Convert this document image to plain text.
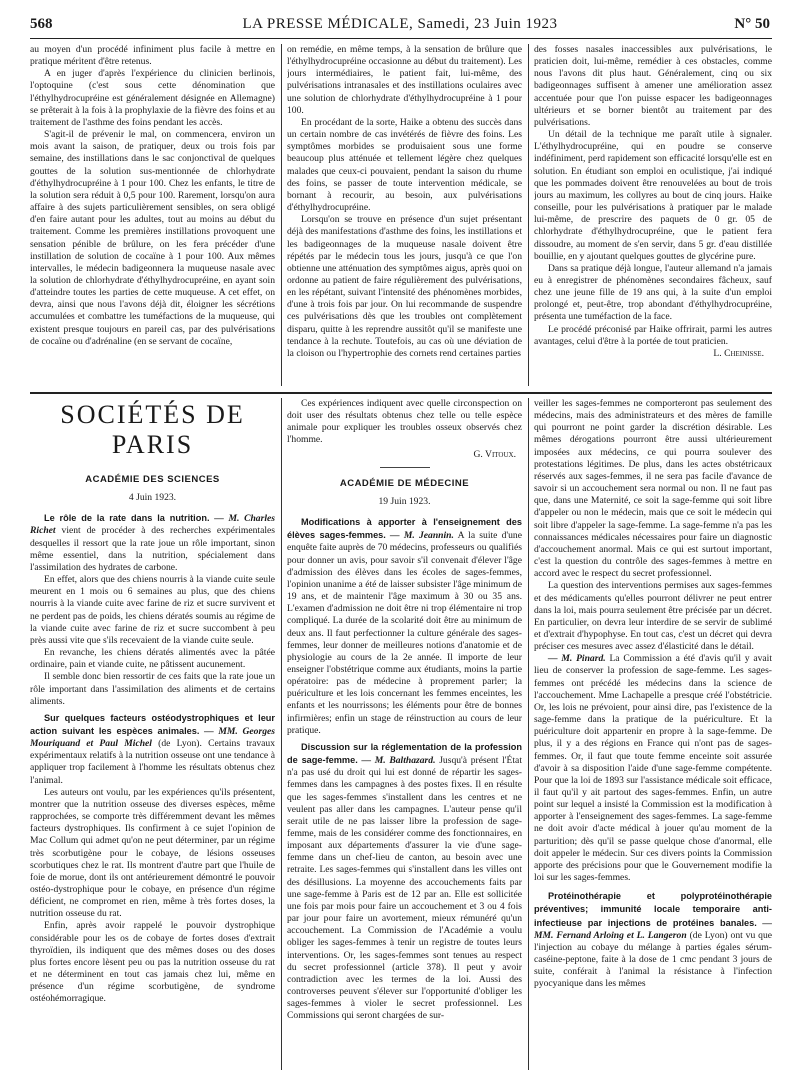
568	LA PRESSE MÉDICALE, Samedi, 23 Juin 1923	N° 50

au moyen d'un procédé infiniment plus facile à mettre en pratique méritent d'être retenus.

A en juger d'après l'expérience du clinicien berlinois, l'optoquine (c'est sous cette dénomination que l'éthylhydrocupréine est généralement désignée en Allemagne) se prêterait à la fois à la prophylaxie de la fièvre des foins et au traitement de l'asthme des foins pendant les accès.

S'agit-il de prévenir le mal, on commencera, environ un mois avant la saison, de pratiquer, deux ou trois fois par semaine, des instillations dans le sac conjonctival de quelques gouttes de la solution sus-mentionnée de chlorhydrate d'éthylhydrocupréine à 1 pour 100. Chez les enfants, le titre de la solution sera réduit à 0,5 pour 100. Rarement, lorsqu'on aura affaire à des sujets particulièrement sensibles, on sera obligé d'en faire autant pour les adultes, tout au moins au début du traitement. Comme les premières instillations provoquent une sensation pénible de brûlure, on les fera précéder d'une instillation de solution de cocaïne à 1 pour 100. Aux mêmes intervalles, le médecin badigeonnera la muqueuse nasale avec la solution de chlorhydrate d'éthylhydrocupréine, en ayant soin d'atteindre toutes les parties de cette muqueuse. A cet effet, on devra, ainsi que nous l'avons déjà dit, éloigner les sécrétions accumulées et combattre les tuméfactions de la muqueuse, qui existent presque toujours en pareil cas, par des pulvérisations de cocaïne ou d'adrénaline (en se servant de cocaïne,

on remédie, en même temps, à la sensation de brûlure que l'éthylhydrocupréine occasionne au début du traitement). Les jours intermédiaires, le patient fait, lui-même, des pulvérisations intranasales et des instillations oculaires avec une solution de chlorhydrate d'éthylhydrocupréine à 1 pour 100.

En procédant de la sorte, Haike a obtenu des succès dans un certain nombre de cas invétérés de fièvre des foins. Les symptômes morbides se produisaient sous une forme beaucoup plus atténuée et tellement légère chez quelques malades que ceux-ci pouvaient, pendant la saison du rhume des foins, se passer de toute intervention médicale, se bornant à recourir, au besoin, aux pulvérisations d'éthylhydrocupréine.

Lorsqu'on se trouve en présence d'un sujet présentant déjà des manifestations d'asthme des foins, les instillations et les badigeonnages de la muqueuse nasale doivent être répétés par le médecin tous les jours, jusqu'à ce que l'on obtienne une atténuation des symptômes aigus, après quoi on ordonne au patient de faire régulièrement des pulvérisations, en les répétant, suivant l'intensité des phénomènes morbides, d'une à trois fois par jour. On lui recommande de suspendre ces pulvérisations dès que les troubles ont complètement disparu, quitte à les reprendre aussitôt qu'il se manifeste une tendance à la rechute. Toutefois, au cas où une déviation de la cloison ou l'hypertrophie des cornets rend certaines parties

des fosses nasales inaccessibles aux pulvérisations, le praticien doit, lui-même, remédier à ces obstacles, comme nous l'avons dit plus haut. Généralement, cinq ou six badigeonnages suffisent à amener une amélioration assez accentuée pour que l'on puisse espacer les badigeonnages ultérieurs et se borner bientôt au traitement par des pulvérisations.

Un détail de la technique me paraît utile à signaler. L'éthylhydrocupréine, qui en poudre se conserve indéfiniment, perd rapidement son efficacité lorsqu'elle est en solution. En étudiant son emploi en oculistique, j'ai indiqué que les pommades doivent être renouvelées au bout de trois jours au maximum, les collyres au bout de cinq jours. Haike conseille, pour les pulvérisations à pratiquer par le malade lui-même, de prescrire des paquets de 0 gr. 05 de chlorhydrate d'éthylhydrocupréine, que le patient fera dissoudre, au moment de s'en servir, dans 5 gr. d'eau distillée bouillie, en y ajoutant quelques gouttes de glycérine pure.

Dans sa pratique déjà longue, l'auteur allemand n'a jamais eu à enregistrer de phénomènes secondaires fâcheux, sauf chez une jeune fille de 19 ans qui, à la suite d'un emploi prolongé et, peut-être, trop abondant d'éthylhydrocupréine, présenta une tuméfaction de la face.

Le procédé préconisé par Haike offrirait, parmi les autres avantages, celui d'être à la portée de tout praticien.

L. Cheinisse.

SOCIÉTÉS DE PARIS
ACADÉMIE DES SCIENCES
4 Juin 1923.

Le rôle de la rate dans la nutrition. — M. Charles Richet vient de procéder à des recherches expérimentales desquelles il ressort que la rate joue un rôle important, sinon même essentiel, dans la nutrition, spécialement dans l'assimilation des hydrates de carbone.

En effet, alors que des chiens nourris à la viande cuite seule meurent en 1 mois ou 6 semaines au plus, que des chiens nourris à la viande cuite avec farine de riz et sucre survivent et ne perdent pas de poids, les chiens dératés soumis au régime de la viande cuite avec farine de riz et sucre succombent à peu près aussi vite que s'ils recevaient de la viande cuite seule.

En revanche, les chiens dératés alimentés avec la pâtée ordinaire, pain et viande cuite, ne pâtissent aucunement.

Il semble donc bien ressortir de ces faits que la rate joue un rôle important dans l'assimilation des aliments et de certains aliments.

Sur quelques facteurs ostéodystrophiques et leur action suivant les espèces animales. — MM. Georges Mouriquand et Paul Michel (de Lyon). Certains travaux expérimentaux relatifs à la nutrition osseuse ont une tendance à appliquer trop facilement à l'homme les résultats obtenus chez l'animal.

Les auteurs ont voulu, par les expériences qu'ils présentent, montrer que la nutrition osseuse des diverses espèces, même rapprochées, se comporte très différemment devant les mêmes facteurs dystrophiques. Ils confirment à ce sujet l'opinion de Mac Collum qui admet qu'on ne peut déterminer, par un régime très scorbutigène pour le cobaye, de lésions osseuses scorbutiques chez le rat. Ils montrent d'autre part que l'huile de foie de morue, dont ils ont antérieurement démontré le pouvoir ostéo-dystrophique pour le cobaye, en présence d'un régime déficient, ne compromet en rien, même à très fortes doses, la nutrition osseuse du rat.

Enfin, après avoir rappelé le pouvoir dystrophique considérable pour les os de cobaye de fortes doses d'extrait thyroïdien, ils indiquent que des mêmes doses ou des doses plus fortes encore lèsent peu ou pas la nutrition osseuse du rat et ne déterminent en tout cas jamais chez lui, même en présence d'un régime scorbutigène, de syndrome ostéohémorragique.

Ces expériences indiquent avec quelle circonspection on doit user des résultats obtenus chez telle ou telle espèce animale pour expliquer les troubles osseux observés chez l'homme.

G. Vitoux.
ACADÉMIE DE MÉDECINE
19 Juin 1923.

Modifications à apporter à l'enseignement des élèves sages-femmes. — M. Jeannin. A la suite d'une enquête faite auprès de 70 médecins, professeurs ou qualifiés pour donner un avis, pour savoir s'il convenait d'élever l'âge d'admission des élèves dans les écoles de sages-femmes, l'opinion unanime a été de laisser subsister l'âge minimum de 19 ans, et de maintenir l'âge maximum à 30 ou 35 ans. L'examen d'admission ne doit être ni trop élémentaire ni trop compliqué. La durée de la scolarité doit être au minimum de deux ans. Il faut perfectionner la culture générale des sages-femmes, leur donner de meilleures notions d'anatomie et de physiologie au cours de la 2e année. Il importe de leur enseigner l'obstétrique comme aux étudiants, moins la partie opératoire: pas de médecine à proprement parler; la puériculture et les lois concernant les femmes enceintes, les enfants et les nourrissons; les éléments pour être de bonnes infirmières; enfin un stage de réinstruction au cours de leur pratique.

Discussion sur la réglementation de la profession de sage-femme. — M. Balthazard. Jusqu'à présent l'État n'a pas usé du droit qui lui est donné de répartir les sages-femmes dans les campagnes à des postes fixes. Il en résulte que les sages-femmes s'installent dans les centres et ne veulent pas aller dans les campagnes. L'auteur pense qu'il serait utile de ne pas laisser libre la profession de sage-femme, mais de les considérer comme des fonctionnaires, en imposant aux départements d'assurer la vie d'une sage-femme dans un chef-lieu de canton, au besoin avec une retraite. Les sages-femmes qui s'installent dans les villes ont des désillusions. La moyenne des accouchements faits par une sage-femme à Paris est de 12 par an. Elle est sollicitée une fois par mois pour faire un accouchement et 3 ou 4 fois par jour pour faire un avortement, mieux rémunéré qu'un accouchement. La Commission de l'Académie a voulu obliger les sages-femmes à tenir un registre de toutes leurs interventions. Or, les sages-femmes sont tenues au respect du secret professionnel (article 378). Il peut y avoir contradiction avec les termes de la loi. Aussi des controverses peuvent s'élever sur l'opportunité d'obliger les sages-femmes à violer le secret professionnel. Les Commissions qui seront chargées de sur-

veiller les sages-femmes ne comporteront pas seulement des médecins, mais des administrateurs et des mères de famille qui pourront ne point garder la discrétion désirable. Les mêmes dérogations pourront être aussi ultérieurement imposées aux médecins, ce qui pourra soulever des protestations légitimes. De plus, dans les actes obstétricaux réservés aux sages-femmes, il ne sera pas facile d'avance de savoir si un accouchement sera normal ou non. Il ne faut pas que, dans une Maternité, ce soit la sage-femme qui soit libre d'appeler ou non le médecin, mais que ce soit le médecin qui soit libre d'appeler la sage-femme. La sage-femme n'a pas les connaissances médicales nécessaires pour faire un diagnostic d'accouchement anormal. Mais ce qui est surtout important, c'est la question du contrôle des sages-femmes à mettre en accord avec le respect du secret professionnel.

La question des interventions permises aux sages-femmes et des médicaments qu'elles pourront délivrer ne peut entrer dans la loi, mais pourra seulement être précisée par un décret. En particulier, on devra leur interdire de se servir de sublimé et d'extrait d'hypophyse. En tout cas, c'est un décret qui devra préciser ces mesures avec assez d'élasticité dans le détail.

— M. Pinard. La Commission a été d'avis qu'il y avait lieu de conserver la profession de sage-femme. Les sages-femmes ont précédé les médecins dans la science de l'accouchement. Mme Lachapelle a presque créé l'obstétricie. Or, les lois ne prévoient, pour ainsi dire, pas l'existence de la sage-femme dans la pratique de la puériculture. Et la puériculture doit appartenir en propre à la sage-femme. De plus, il y a des régions en France qui n'ont pas de sages-femmes. Or, il faut que toute femme enceinte soit assurée d'avoir à sa disposition l'aide d'une sage-femme compétente. Pour que la loi de 1893 sur l'assistance médicale soit efficace, il faut qu'il y ait partout des sages-femmes. Enfin, un autre point sur lequel a insisté la Commission est la modification à apporter à l'enseignement des sages-femmes. La sage-femme ne doit avoir d'acte médical à jouer qu'au moment de la parturition; dès qu'il se passe quelque chose d'anormal, elle doit appeler le médecin. Sur ces divers points la Commission apporte des précisions pour que le Gouvernement modifie la loi sur les sages-femmes.

Protéinothérapie et polyprotéinothérapie préventives; immunité locale temporaire anti-infectieuse par injections de protéines banales. — MM. Fernand Arloing et L. Langeron (de Lyon) ont vu que l'injection au cobaye du mélange à parties égales sérum-caséine-peptone, faite à la dose de 1 cmc pendant 3 jours de suite, conférait à l'animal la résistance à l'infection pyocyanique dans les mêmes
